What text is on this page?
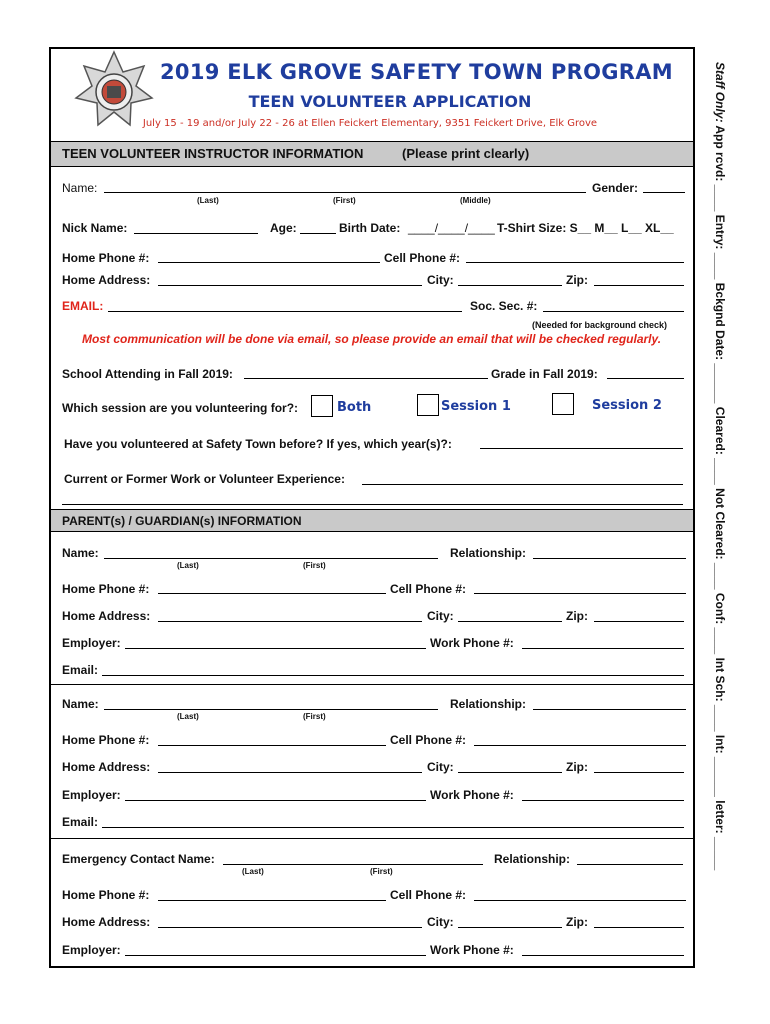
2019 ELK GROVE SAFETY TOWN PROGRAM
TEEN VOLUNTEER APPLICATION
July 15 - 19 and/or July 22 - 26 at Ellen Feickert Elementary, 9351 Feickert Drive, Elk Grove
TEEN VOLUNTEER INSTRUCTOR INFORMATION	(Please print clearly)
Name:	Gender:
(Last)	(First)	(Middle)
Nick Name:	Age:	Birth Date: ____/____/____ T-Shirt Size: S__ M__ L__ XL__
Home Phone #:	Cell Phone #:
Home Address:	City:	Zip:
EMAIL:	Soc. Sec. #:
(Needed for background check)
Most communication will be done via email, so please provide an email that will be checked regularly.
School Attending in Fall 2019:	Grade in Fall 2019:
Which session are you volunteering for?:	Both	Session 1	Session 2
Have you volunteered at Safety Town before? If yes, which year(s)?:
Current or Former Work or Volunteer Experience:
PARENT(s) / GUARDIAN(s) INFORMATION
Name:	Relationship:
(Last)	(First)
Home Phone #:	Cell Phone #:
Home Address:	City:	Zip:
Employer:	Work Phone #:
Email:
Name:	Relationship:
(Last)	(First)
Home Phone #:	Cell Phone #:
Home Address:	City:	Zip:
Employer:	Work Phone #:
Email:
Emergency Contact Name:	Relationship:
(Last)	(First)
Home Phone #:	Cell Phone #:
Home Address:	City:	Zip:
Employer:	Work Phone #:
Staff Only: App rcvd: ____ Entry: ____ Bckgnd Date: ______ Cleared: ____ Not Cleared: ____ Conf: ____ Int Sch: ____ Int: ______ letter: _____
